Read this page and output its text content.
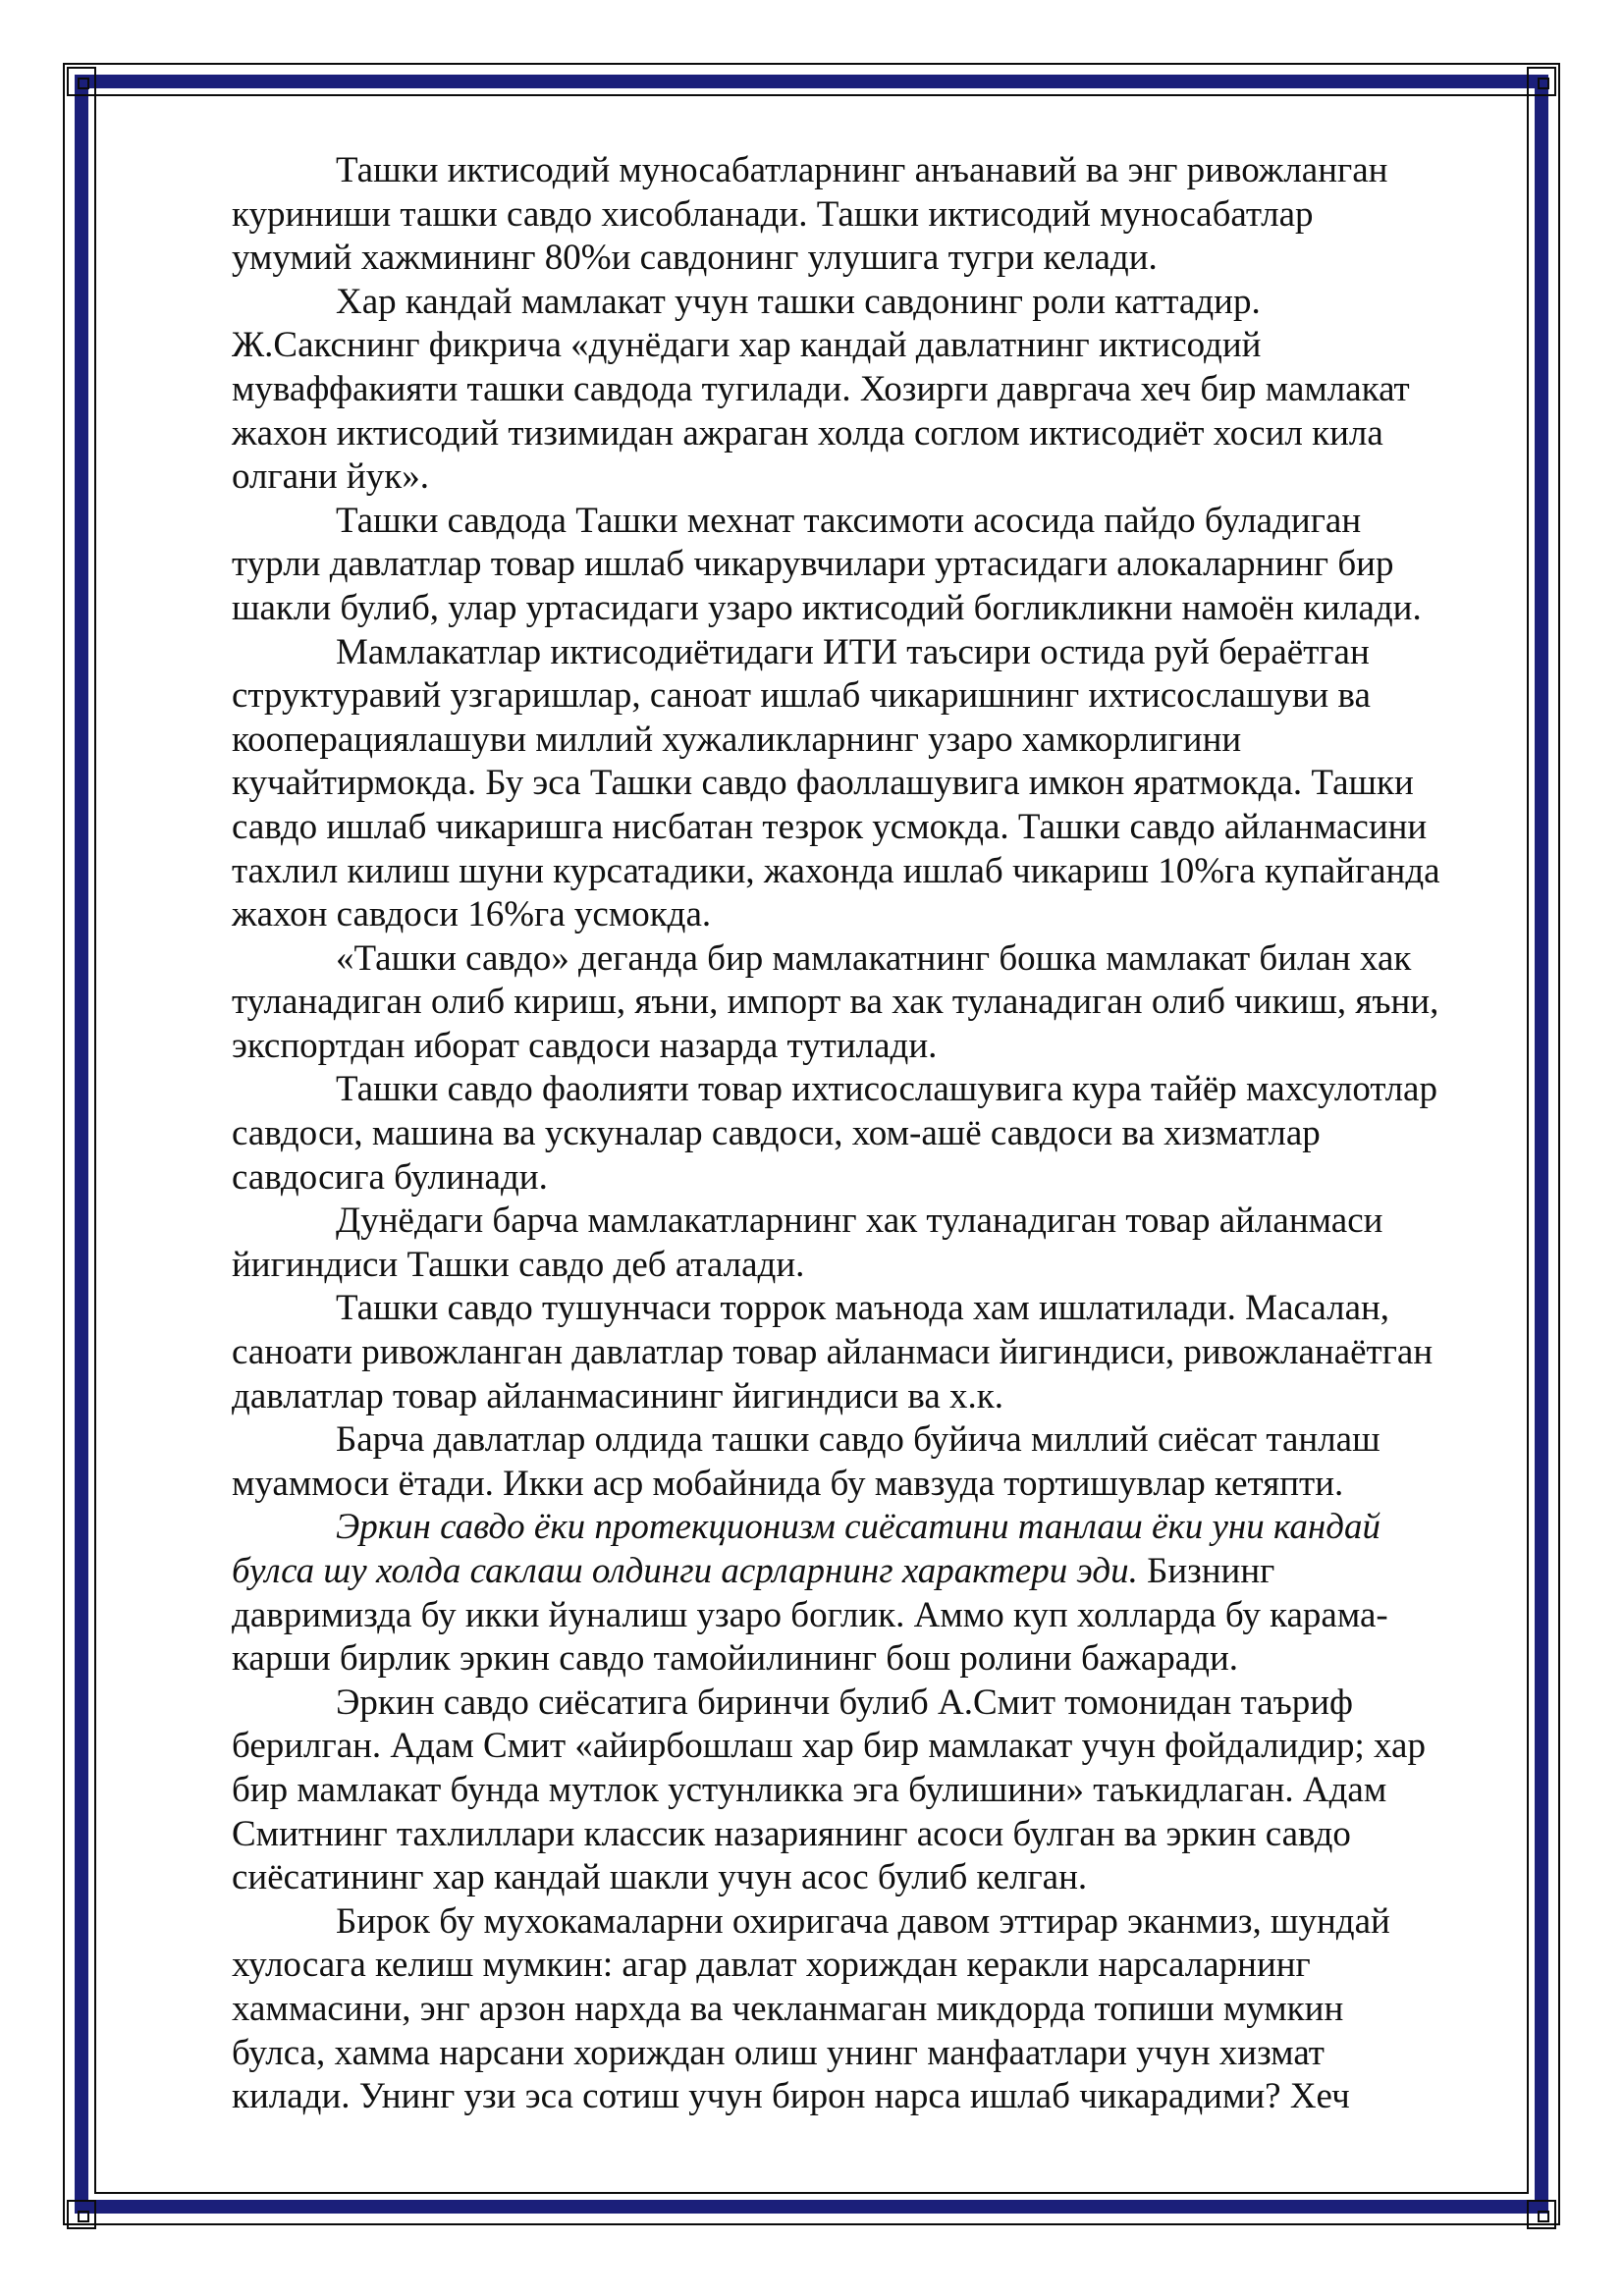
Ташки иктисодий муносабатларнинг анъанавий ва энг ривожланган
куриниши ташки савдо хисобланади. Ташки иктисодий муносабатлар
умумий хажмининг 80%и савдонинг улушига тугри келади.

Хар кандай мамлакат учун ташки савдонинг роли каттадир.
Ж.Сакснинг фикрича «дунёдаги хар кандай давлатнинг иктисодий
муваффакияти ташки савдода тугилади. Хозирги давргача хеч бир мамлакат
жахон иктисодий тизимидан ажраган холда соглом иктисодиёт хосил кила
олгани йук».

Ташки савдода Ташки мехнат таксимоти асосида пайдо буладиган
турли давлатлар товар ишлаб чикарувчилари уртасидаги алокаларнинг бир
шакли булиб, улар уртасидаги узаро иктисодий богликликни намоён килади.

Мамлакатлар иктисодиётидаги ИТИ таъсири остида руй бераётган
структуравий узгаришлар, саноат ишлаб чикаришнинг ихтисослашуви ва
кооперациялашуви миллий хужаликларнинг узаро хамкорлигини
кучайтирмокда. Бу эса Ташки савдо фаоллашувига имкон яратмокда. Ташки
савдо ишлаб чикаришга нисбатан тезрок усмокда. Ташки савдо айланмасини
тахлил килиш шуни курсатадики, жахонда ишлаб чикариш 10%га купайганда
жахон савдоси 16%га усмокда.

«Ташки савдо» деганда бир мамлакатнинг бошка мамлакат билан хак
туланадиган олиб кириш, яъни, импорт ва хак туланадиган олиб чикиш, яъни,
экспортдан иборат савдоси назарда тутилади.

Ташки савдо фаолияти товар ихтисослашувига кура тайёр махсулотлар
савдоси, машина ва ускуналар савдоси, хом-ашё савдоси ва хизматлар
савдосига булинади.

Дунёдаги барча мамлакатларнинг хак туланадиган товар айланмаси
йигиндиси Ташки савдо деб аталади.

Ташки савдо тушунчаси торрок маънода хам ишлатилади. Масалан,
саноати ривожланган давлатлар товар айланмаси йигиндиси, ривожланаётган
давлатлар товар айланмасининг йигиндиси ва х.к.

Барча давлатлар олдида ташки савдо буйича миллий сиёсат танлаш
муаммоси ётади. Икки аср мобайнида бу мавзуда тортишувлар кетяпти.

Эркин савдо ёки протекционизм сиёсатини танлаш ёки уни кандай
булса шу холда саклаш олдинги асрларнинг характери эди. Бизнинг
давримизда бу икки йуналиш узаро боглик. Аммо куп холларда бу карама-
карши бирлик эркин савдо тамойилининг бош ролини бажаради.

Эркин савдо сиёсатига биринчи булиб А.Смит томонидан таъриф
берилган. Адам Смит «айирбошлаш хар бир мамлакат учун фойдалидир; хар
бир мамлакат бунда мутлок устунликка эга булишини» таъкидлаган. Адам
Смитнинг тахлиллари классик назариянинг асоси булган ва эркин савдо
сиёсатининг хар кандай шакли учун асос булиб келган.

Бирок бу мухокамаларни охиригача давом эттирар эканмиз, шундай
хулосага келиш мумкин: агар давлат хориждан керакли нарсаларнинг
хаммасини, энг арзон нархда ва чекланмаган микдорда топиши мумкин
булса, хамма нарсани хориждан олиш унинг манфаатлари учун хизмат
килади. Унинг узи эса сотиш учун бирон нарса ишлаб чикарадими? Хеч
